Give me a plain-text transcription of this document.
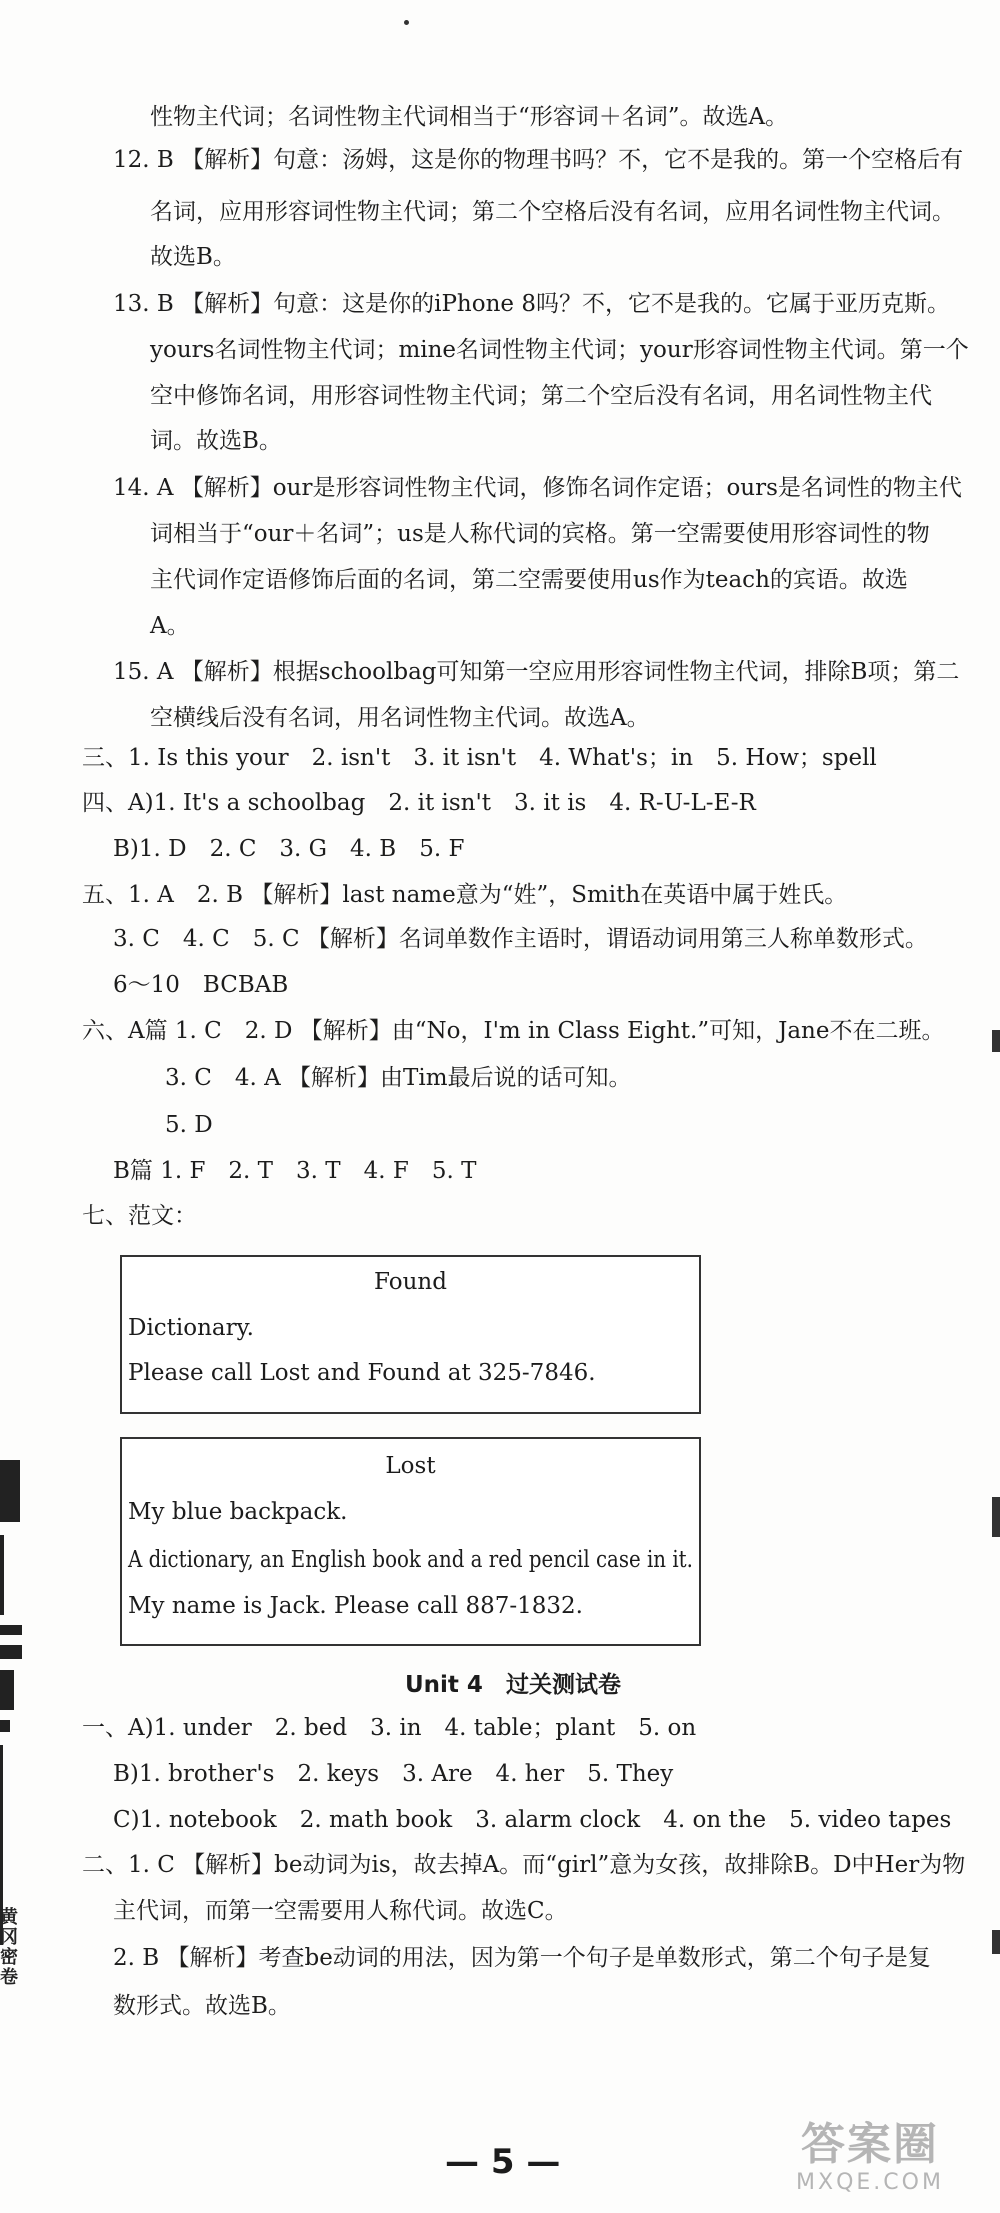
性物主代词；名词性物主代词相当于“形容词＋名词”。故选A。
12. B 【解析】句意：汤姆，这是你的物理书吗？不，它不是我的。第一个空格后有
名词，应用形容词性物主代词；第二个空格后没有名词，应用名词性物主代词。
故选B。
13. B 【解析】句意：这是你的iPhone 8吗？不，它不是我的。它属于亚历克斯。
yours名词性物主代词；mine名词性物主代词；your形容词性物主代词。第一个
空中修饰名词，用形容词性物主代词；第二个空后没有名词，用名词性物主代
词。故选B。
14. A 【解析】our是形容词性物主代词，修饰名词作定语；ours是名词性的物主代
词相当于“our＋名词”；us是人称代词的宾格。第一空需要使用形容词性的物
主代词作定语修饰后面的名词，第二空需要使用us作为teach的宾语。故选
A。
15. A 【解析】根据schoolbag可知第一空应用形容词性物主代词，排除B项；第二
空横线后没有名词，用名词性物主代词。故选A。
三、1. Is this your　2. isn't　3. it isn't　4. What's；in　5. How；spell
四、A)1. It's a schoolbag　2. it isn't　3. it is　4. R-U-L-E-R
B)1. D　2. C　3. G　4. B　5. F
五、1. A　2. B 【解析】last name意为“姓”，Smith在英语中属于姓氏。
3. C　4. C　5. C 【解析】名词单数作主语时，谓语动词用第三人称单数形式。
6～10　BCBAB
六、A篇 1. C　2. D 【解析】由“No，I'm in Class Eight.”可知，Jane不在二班。
3. C　4. A 【解析】由Tim最后说的话可知。
5. D
B篇 1. F　2. T　3. T　4. F　5. T
七、范文：
一、A)1. under　2. bed　3. in　4. table；plant　5. on
B)1. brother's　2. keys　3. Are　4. her　5. They
C)1. notebook　2. math book　3. alarm clock　4. on the　5. video tapes
二、1. C 【解析】be动词为is，故去掉A。而“girl”意为女孩，故排除B。D中Her为物
主代词，而第一空需要用人称代词。故选C。
2. B 【解析】考查be动词的用法，因为第一个句子是单数形式，第二个句子是复
数形式。故选B。
Found
Dictionary.
Please call Lost and Found at 325-7846.
Lost
My blue backpack.
A dictionary, an English book and a red pencil case in it.
My name is Jack. Please call 887-1832.
Unit 4　过关测试卷
— 5 —
黄
冈
密
卷
答案圈
MXQE.COM
